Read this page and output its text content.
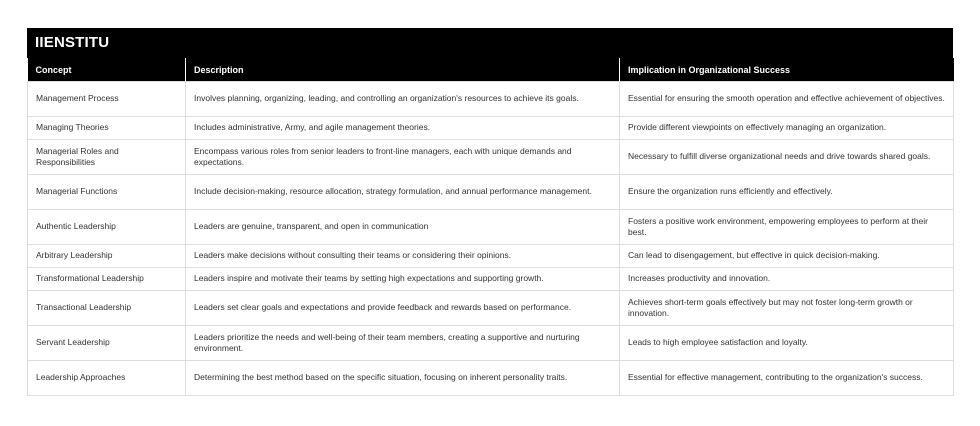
IIENSTITU
Concept	Description	Implication in Organizational Success
Management Process	Involves planning, organizing, leading, and controlling an organization's resources to achieve its goals.	Essential for ensuring the smooth operation and effective achievement of objectives.
Managing Theories	Includes administrative, Army, and agile management theories.	Provide different viewpoints on effectively managing an organization.
Managerial Roles and Responsibilities	Encompass various roles from senior leaders to front-line managers, each with unique demands and expectations.	Necessary to fulfill diverse organizational needs and drive towards shared goals.
Managerial Functions	Include decision-making, resource allocation, strategy formulation, and annual performance management.	Ensure the organization runs efficiently and effectively.
Authentic Leadership	Leaders are genuine, transparent, and open in communication	Fosters a positive work environment, empowering employees to perform at their best.
Arbitrary Leadership	Leaders make decisions without consulting their teams or considering their opinions.	Can lead to disengagement, but effective in quick decision-making.
Transformational Leadership	Leaders inspire and motivate their teams by setting high expectations and supporting growth.	Increases productivity and innovation.
Transactional Leadership	Leaders set clear goals and expectations and provide feedback and rewards based on performance.	Achieves short-term goals effectively but may not foster long-term growth or innovation.
Servant Leadership	Leaders prioritize the needs and well-being of their team members, creating a supportive and nurturing environment.	Leads to high employee satisfaction and loyalty.
Leadership Approaches	Determining the best method based on the specific situation, focusing on inherent personality traits.	Essential for effective management, contributing to the organization's success.
